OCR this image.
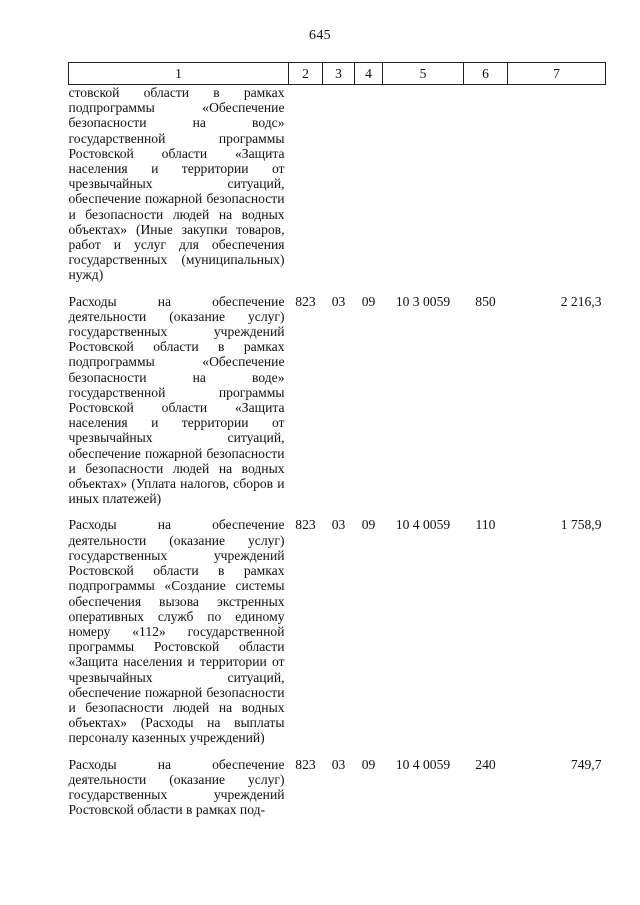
645
1	2	3	4	5	6	7
стовской области в рамках подпрограммы «Обеспечение безопасности на водс» государственной программы Ростовской области «Защита населения и территории от чрезвычайных ситуаций, обеспечение пожарной безопасности и безопасности людей на водных объектах» (Иные закупки товаров, работ и услуг для обеспечения государственных (муниципальных) нужд)						
Расходы на обеспечение деятельности (оказание услуг) государственных учреждений Ростовской области в рамках подпрограммы «Обеспечение безопасности на воде» государственной программы Ростовской области «Защита населения и территории от чрезвычайных ситуаций, обеспечение пожарной безопасности и безопасности людей на водных объектах» (Уплата налогов, сборов и иных платежей)	823	03	09	10 3 0059	850	2 216,3
Расходы на обеспечение деятельности (оказание услуг) государственных учреждений Ростовской области в рамках подпрограммы «Создание системы обеспечения вызова экстренных оперативных служб по единому номеру «112» государственной программы Ростовской области «Защита населения и территории от чрезвычайных ситуаций, обеспечение пожарной безопасности и безопасности людей на водных объектах» (Расходы на выплаты персоналу казенных учреждений)	823	03	09	10 4 0059	110	1 758,9
Расходы на обеспечение деятельности (оказание услуг) государственных учреждений Ростовской области в рамках под-	823	03	09	10 4 0059	240	749,7
